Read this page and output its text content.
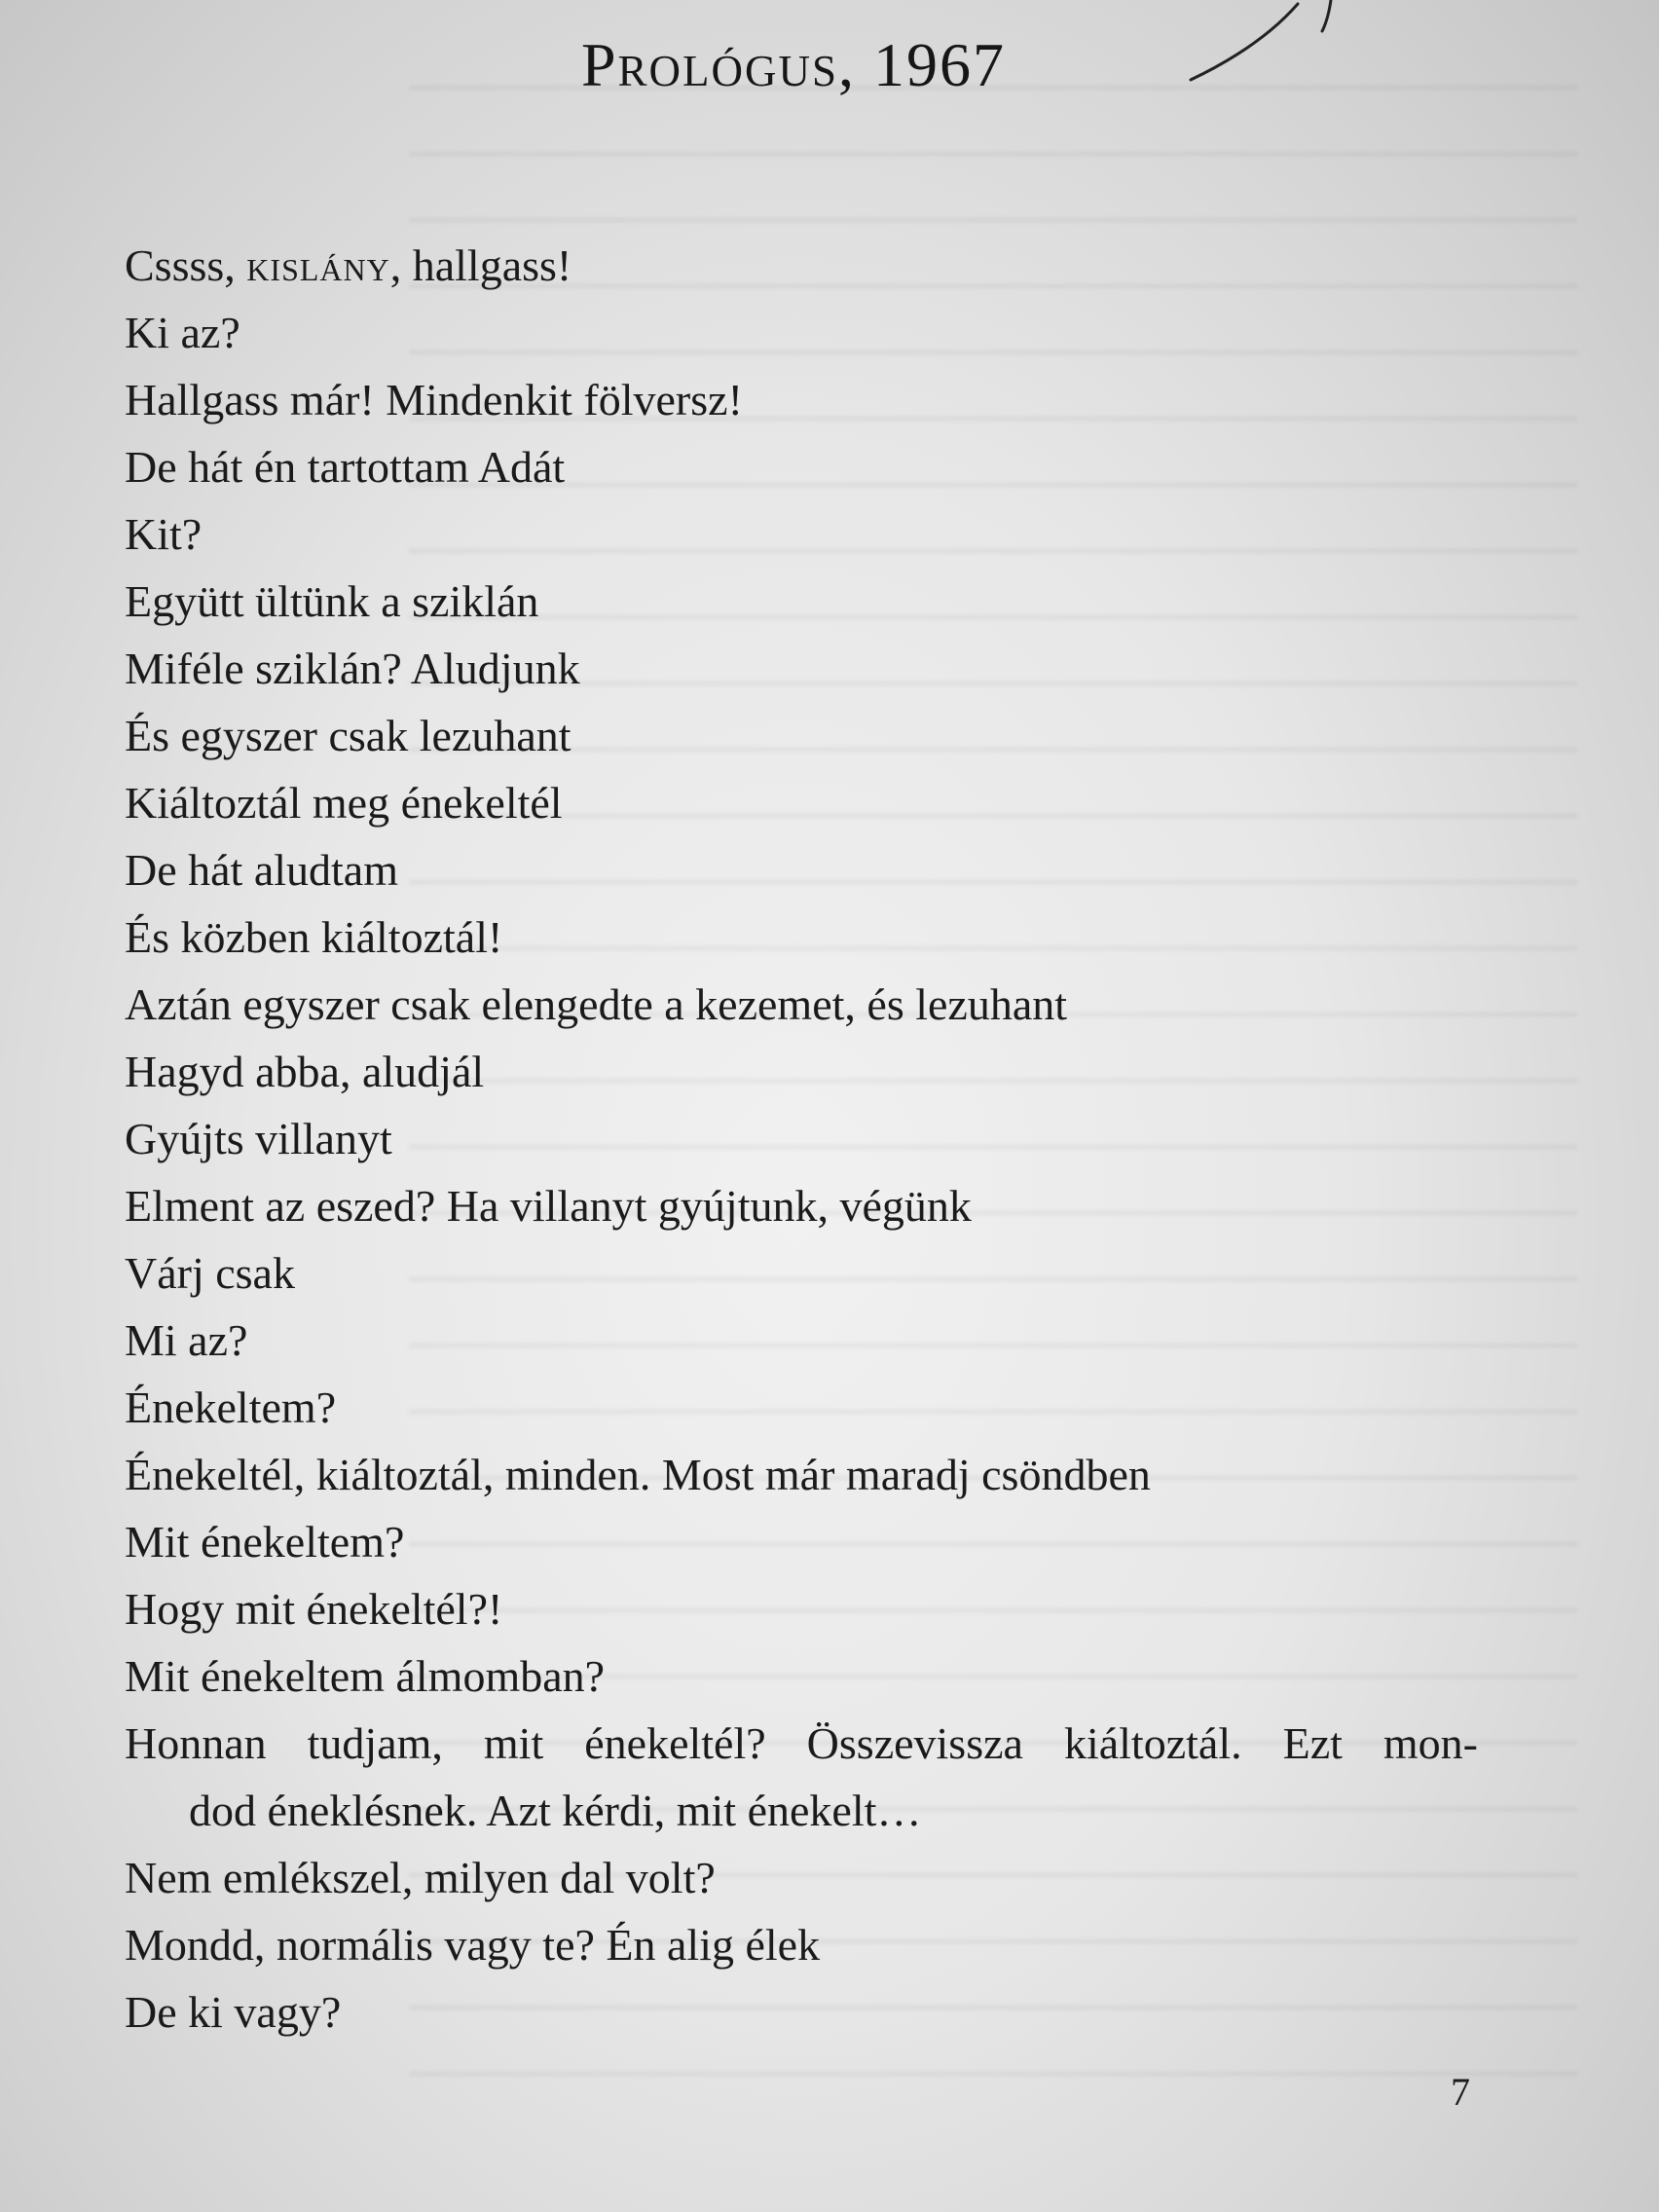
Prológus, 1967
Cssss, kislány, hallgass!
Ki az?
Hallgass már! Mindenkit fölversz!
De hát én tartottam Adát
Kit?
Együtt ültünk a sziklán
Miféle sziklán? Aludjunk
És egyszer csak lezuhant
Kiáltoztál meg énekeltél
De hát aludtam
És közben kiáltoztál!
Aztán egyszer csak elengedte a kezemet, és lezuhant
Hagyd abba, aludjál
Gyújts villanyt
Elment az eszed? Ha villanyt gyújtunk, végünk
Várj csak
Mi az?
Énekeltem?
Énekeltél, kiáltoztál, minden. Most már maradj csöndben
Mit énekeltem?
Hogy mit énekeltél?!
Mit énekeltem álmomban?
Honnan tudjam, mit énekeltél? Összevissza kiáltoztál. Ezt mon-
dod éneklésnek. Azt kérdi, mit énekelt…
Nem emlékszel, milyen dal volt?
Mondd, normális vagy te? Én alig élek
De ki vagy?
7
